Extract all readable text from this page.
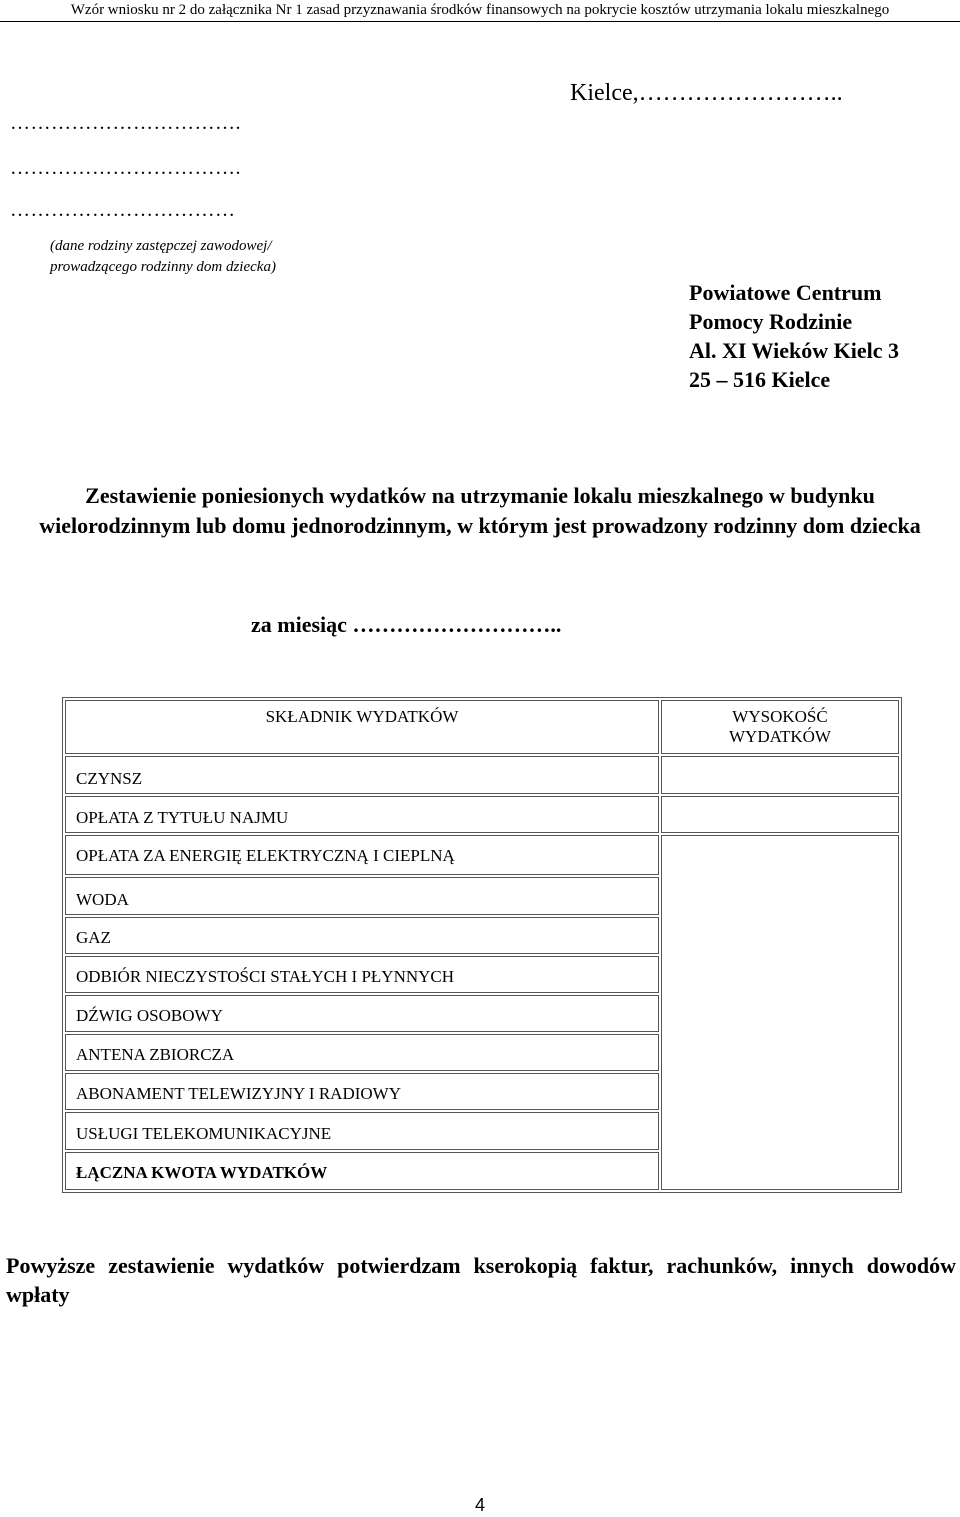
Wzór wniosku nr 2 do załącznika Nr 1 zasad przyznawania środków finansowych na pokrycie kosztów utrzymania lokalu mieszkalnego
Kielce,……………………..
…………………………….
…………………………….
……………………………
(dane rodziny zastępczej zawodowej/
prowadzącego rodzinny dom dziecka)
Powiatowe Centrum
Pomocy Rodzinie
Al. XI Wieków Kielc 3
25 – 516 Kielce
Zestawienie poniesionych wydatków na utrzymanie lokalu mieszkalnego w budynku wielorodzinnym lub domu jednorodzinnym, w którym jest prowadzony rodzinny dom dziecka
za miesiąc ………………………..
SKŁADNIK WYDATKÓW	WYSOKOŚĆ
WYDATKÓW

CZYNSZ	
OPŁATA Z TYTUŁU NAJMU	
OPŁATA ZA ENERGIĘ ELEKTRYCZNĄ I CIEPLNĄ	
WODA	
GAZ	
ODBIÓR NIECZYSTOŚCI STAŁYCH I PŁYNNYCH	
DŹWIG OSOBOWY	
ANTENA ZBIORCZA	
ABONAMENT TELEWIZYJNY I RADIOWY	
USŁUGI TELEKOMUNIKACYJNE	
ŁĄCZNA KWOTA WYDATKÓW	
Powyższe zestawienie wydatków potwierdzam kserokopią faktur, rachunków, innych dowodów wpłaty
4
